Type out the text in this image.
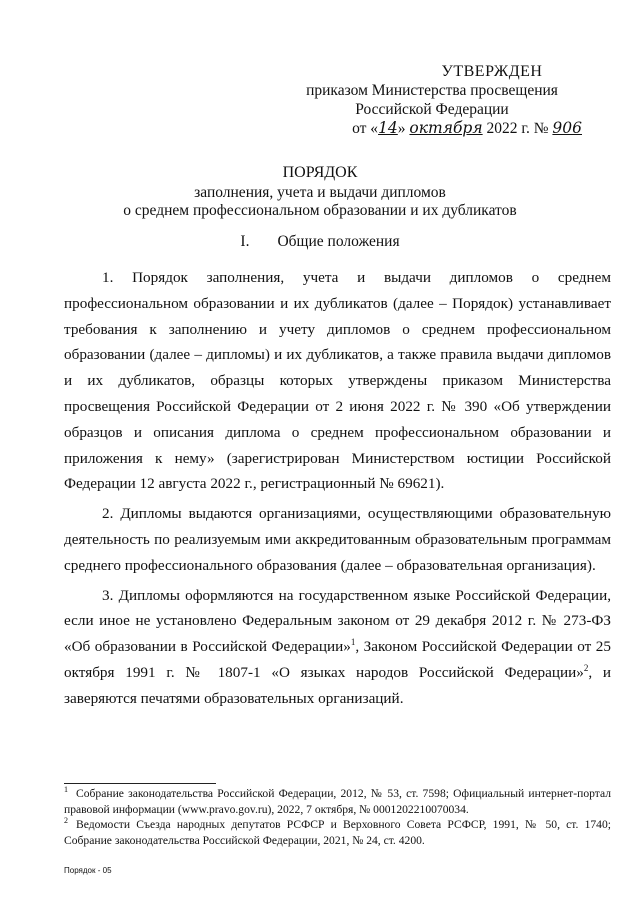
УТВЕРЖДЕН
приказом Министерства просвещения
Российской Федерации
от «14» октября 2022 г. № 906
ПОРЯДОК
заполнения, учета и выдачи дипломов
о среднем профессиональном образовании и их дубликатов
I. Общие положения

1. Порядок заполнения, учета и выдачи дипломов о среднем профессиональном образовании и их дубликатов (далее – Порядок) устанавливает требования к заполнению и учету дипломов о среднем профессиональном образовании (далее – дипломы) и их дубликатов, а также правила выдачи дипломов и их дубликатов, образцы которых утверждены приказом Министерства просвещения Российской Федерации от 2 июня 2022 г. № 390 «Об утверждении образцов и описания диплома о среднем профессиональном образовании и приложения к нему» (зарегистрирован Министерством юстиции Российской Федерации 12 августа 2022 г., регистрационный № 69621).

2. Дипломы выдаются организациями, осуществляющими образовательную деятельность по реализуемым ими аккредитованным образовательным программам среднего профессионального образования (далее – образовательная организация).

3. Дипломы оформляются на государственном языке Российской Федерации, если иное не установлено Федеральным законом от 29 декабря 2012 г. № 273-ФЗ «Об образовании в Российской Федерации»$^1$, Законом Российской Федерации от 25 октября 1991 г. № 1807-1 «О языках народов Российской Федерации»$^2$, и заверяются печатями образовательных организаций.

$^1$ Собрание законодательства Российской Федерации, 2012, № 53, ст. 7598; Официальный интернет-портал правовой информации (www.pravo.gov.ru), 2022, 7 октября, № 0001202210070034.

$^2$ Ведомости Съезда народных депутатов РСФСР и Верховного Совета РСФСР, 1991, № 50, ст. 1740; Собрание законодательства Российской Федерации, 2021, № 24, ст. 4200.

Порядок - 05
